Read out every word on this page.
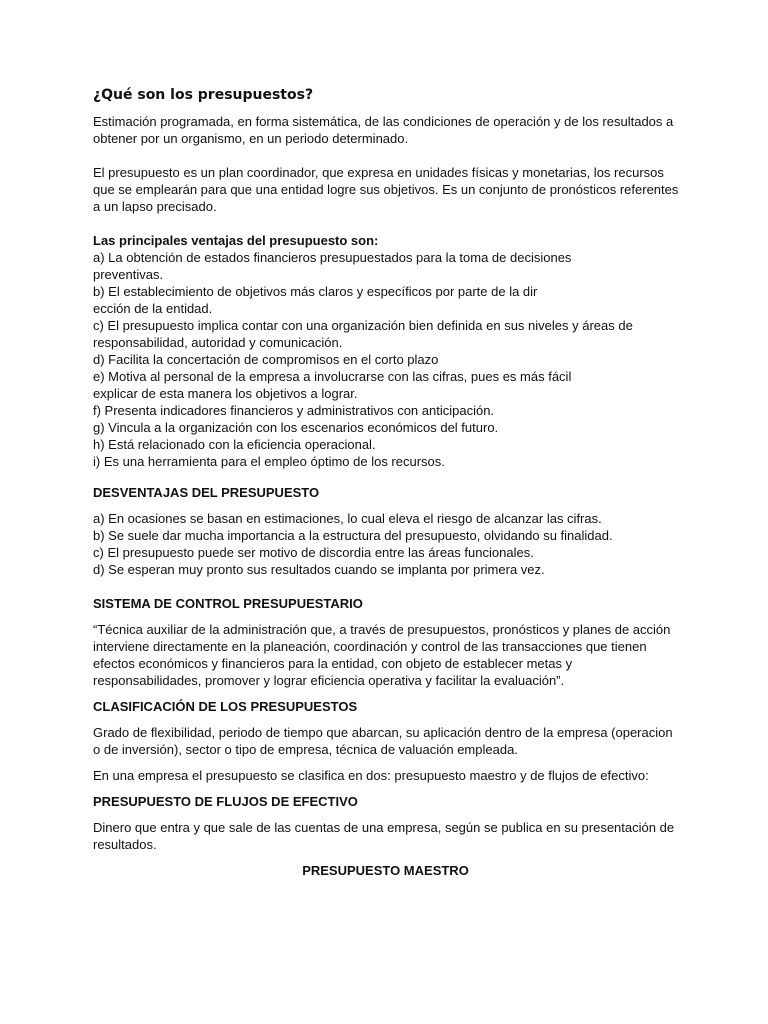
¿Qué son los presupuestos?

Estimación programada, en forma sistemática, de las condiciones de operación y de los resultados a
obtener por un organismo, en un periodo determinado.

El presupuesto es un plan coordinador, que expresa en unidades físicas y monetarias, los recursos
que se emplearán para que una entidad logre sus objetivos. Es un conjunto de pronósticos referentes
a un lapso precisado.

Las principales ventajas del presupuesto son:
a) La obtención de estados financieros presupuestados para la toma de decisiones
preventivas.
b) El establecimiento de objetivos más claros y específicos por parte de la dir
ección de la entidad.
c) El presupuesto implica contar con una organización bien definida en sus niveles y áreas de
responsabilidad, autoridad y comunicación.
d) Facilita la concertación de compromisos en el corto plazo
e) Motiva al personal de la empresa a involucrarse con las cifras, pues es más fácil
explicar de esta manera los objetivos a lograr.
f) Presenta indicadores financieros y administrativos con anticipación.
g) Vincula a la organización con los escenarios económicos del futuro.
h) Está relacionado con la eficiencia operacional.
i) Es una herramienta para el empleo óptimo de los recursos.

DESVENTAJAS DEL PRESUPUESTO

a) En ocasiones se basan en estimaciones, lo cual eleva el riesgo de alcanzar las cifras.
b) Se suele dar mucha importancia a la estructura del presupuesto, olvidando su finalidad.
c) El presupuesto puede ser motivo de discordia entre las áreas funcionales.
d) Se esperan muy pronto sus resultados cuando se implanta por primera vez.

SISTEMA DE CONTROL PRESUPUESTARIO

“Técnica auxiliar de la administración que, a través de presupuestos, pronósticos y planes de acción
interviene directamente en la planeación, coordinación y control de las transacciones que tienen
efectos económicos y financieros para la entidad, con objeto de establecer metas y
responsabilidades, promover y lograr eficiencia operativa y facilitar la evaluación”.

CLASIFICACIÓN DE LOS PRESUPUESTOS

Grado de flexibilidad, periodo de tiempo que abarcan, su aplicación dentro de la empresa (operacion
o de inversión), sector o tipo de empresa, técnica de valuación empleada.

En una empresa el presupuesto se clasifica en dos: presupuesto maestro y de flujos de efectivo:

PRESUPUESTO DE FLUJOS DE EFECTIVO

Dinero que entra y que sale de las cuentas de una empresa, según se publica en su presentación de
resultados.

PRESUPUESTO MAESTRO
